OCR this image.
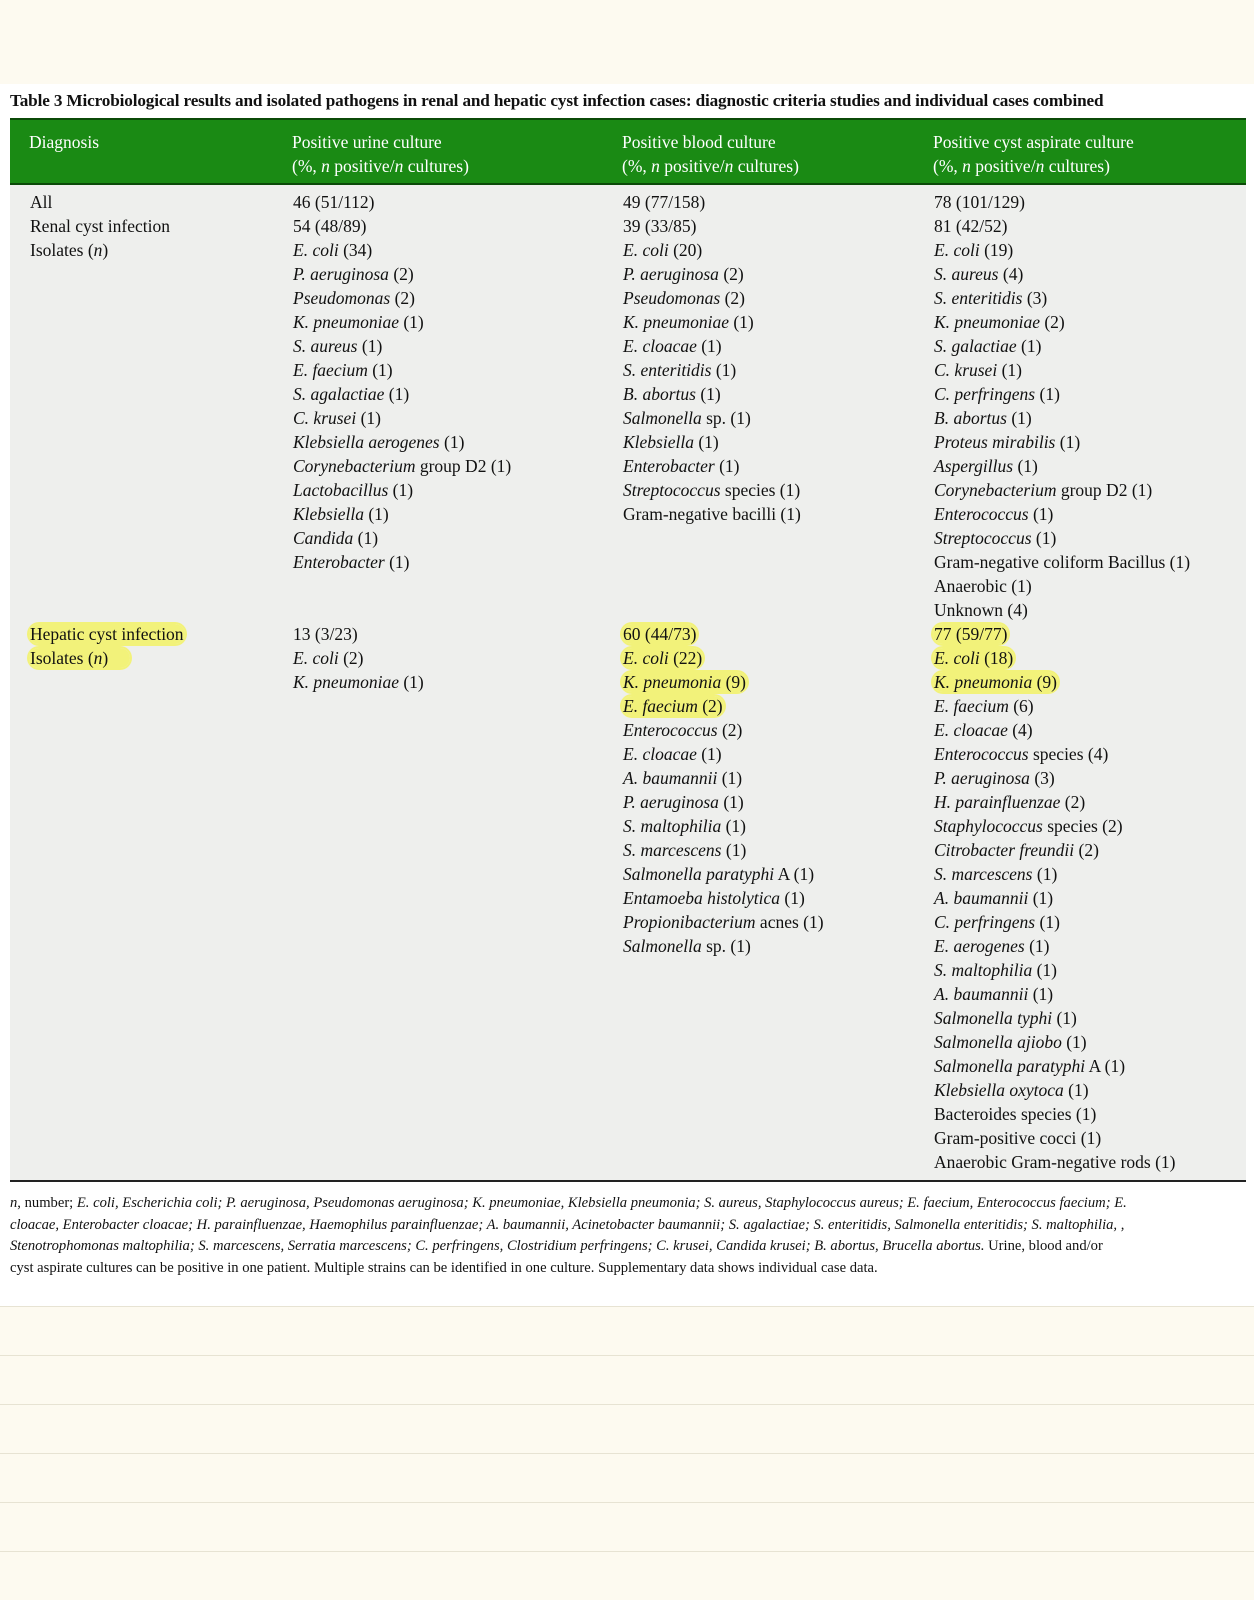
Table 3 Microbiological results and isolated pathogens in renal and hepatic cyst infection cases: diagnostic criteria studies and individual cases combined
Diagnosis	Positive urine culture
(%, n positive/n cultures)
Positive blood culture
(%, n positive/n cultures)
Positive cyst aspirate culture
(%, n positive/n cultures)
All
Renal cyst infection
Isolates (n)
Hepatic cyst infection
Isolates (n)
46 (51/112)
54 (48/89)
E. coli (34)
P. aeruginosa (2)
Pseudomonas (2)
K. pneumoniae (1)
S. aureus (1)
E. faecium (1)
S. agalactiae (1)
C. krusei (1)
Klebsiella aerogenes (1)
Corynebacterium group D2 (1)
Lactobacillus (1)
Klebsiella (1)
Candida (1)
Enterobacter (1)
13 (3/23)
E. coli (2)
K. pneumoniae (1)
49 (77/158)
39 (33/85)
E. coli (20)
P. aeruginosa (2)
Pseudomonas (2)
K. pneumoniae (1)
E. cloacae (1)
S. enteritidis (1)
B. abortus (1)
Salmonella sp. (1)
Klebsiella (1)
Enterobacter (1)
Streptococcus species (1)
Gram-negative bacilli (1)
60 (44/73)
E. coli (22)
K. pneumonia (9)
E. faecium (2)
Enterococcus (2)
E. cloacae (1)
A. baumannii (1)
P. aeruginosa (1)
S. maltophilia (1)
S. marcescens (1)
Salmonella paratyphi A (1)
Entamoeba histolytica (1)
Propionibacterium acnes (1)
Salmonella sp. (1)
78 (101/129)
81 (42/52)
E. coli (19)
S. aureus (4)
S. enteritidis (3)
K. pneumoniae (2)
S. galactiae (1)
C. krusei (1)
C. perfringens (1)
B. abortus (1)
Proteus mirabilis (1)
Aspergillus (1)
Corynebacterium group D2 (1)
Enterococcus (1)
Streptococcus (1)
Gram-negative coliform Bacillus (1)
Anaerobic (1)
Unknown (4)
77 (59/77)
E. coli (18)
K. pneumonia (9)
E. faecium (6)
E. cloacae (4)
Enterococcus species (4)
P. aeruginosa (3)
H. parainfluenzae (2)
Staphylococcus species (2)
Citrobacter freundii (2)
S. marcescens (1)
A. baumannii (1)
C. perfringens (1)
E. aerogenes (1)
S. maltophilia (1)
A. baumannii (1)
Salmonella typhi (1)
Salmonella ajiobo (1)
Salmonella paratyphi A (1)
Klebsiella oxytoca (1)
Bacteroides species (1)
Gram-positive cocci (1)
Anaerobic Gram-negative rods (1)
n, number; E. coli, Escherichia coli; P. aeruginosa, Pseudomonas aeruginosa; K. pneumoniae, Klebsiella pneumonia; S. aureus, Staphylococcus aureus; E. faecium, Enterococcus faecium; E.
cloacae, Enterobacter cloacae; H. parainfluenzae, Haemophilus parainfluenzae; A. baumannii, Acinetobacter baumannii; S. agalactiae; S. enteritidis, Salmonella enteritidis; S. maltophilia, ,
Stenotrophomonas maltophilia; S. marcescens, Serratia marcescens; C. perfringens, Clostridium perfringens; C. krusei, Candida krusei; B. abortus, Brucella abortus. Urine, blood and/or
cyst aspirate cultures can be positive in one patient. Multiple strains can be identified in one culture. Supplementary data shows individual case data.
